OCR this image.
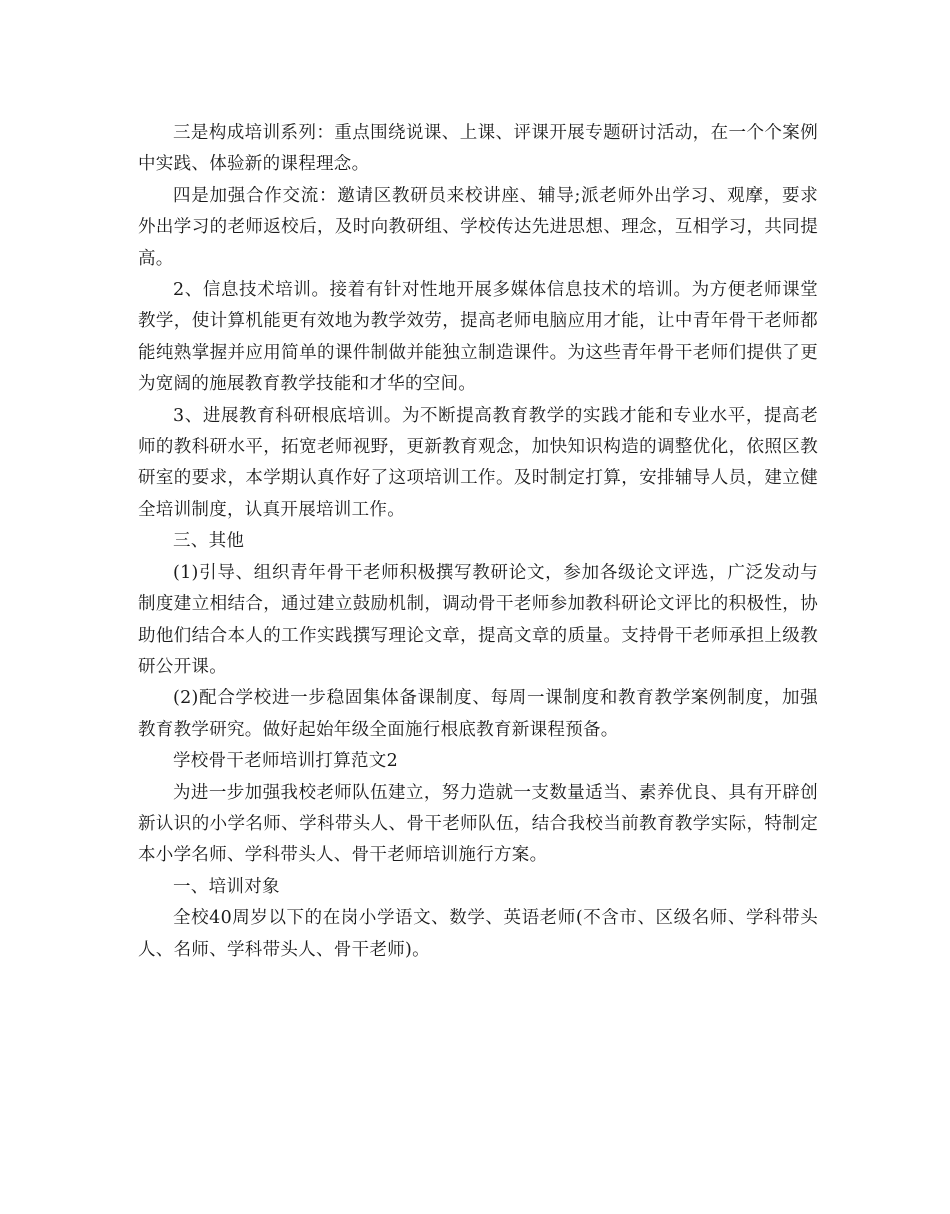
三是构成培训系列：重点围绕说课、上课、评课开展专题研讨活动，在一个个案例中实践、体验新的课程理念。

四是加强合作交流：邀请区教研员来校讲座、辅导;派老师外出学习、观摩，要求外出学习的老师返校后，及时向教研组、学校传达先进思想、理念，互相学习，共同提高。

2、信息技术培训。接着有针对性地开展多媒体信息技术的培训。为方便老师课堂教学，使计算机能更有效地为教学效劳，提高老师电脑应用才能，让中青年骨干老师都能纯熟掌握并应用简单的课件制做并能独立制造课件。为这些青年骨干老师们提供了更为宽阔的施展教育教学技能和才华的空间。

3、进展教育科研根底培训。为不断提高教育教学的实践才能和专业水平，提高老师的教科研水平，拓宽老师视野，更新教育观念，加快知识构造的调整优化，依照区教研室的要求，本学期认真作好了这项培训工作。及时制定打算，安排辅导人员，建立健全培训制度，认真开展培训工作。

三、其他

(1)引导、组织青年骨干老师积极撰写教研论文，参加各级论文评选，广泛发动与制度建立相结合，通过建立鼓励机制，调动骨干老师参加教科研论文评比的积极性，协助他们结合本人的工作实践撰写理论文章，提高文章的质量。支持骨干老师承担上级教研公开课。

(2)配合学校进一步稳固集体备课制度、每周一课制度和教育教学案例制度，加强教育教学研究。做好起始年级全面施行根底教育新课程预备。

学校骨干老师培训打算范文2

为进一步加强我校老师队伍建立，努力造就一支数量适当、素养优良、具有开辟创新认识的小学名师、学科带头人、骨干老师队伍，结合我校当前教育教学实际，特制定本小学名师、学科带头人、骨干老师培训施行方案。

一、培训对象

全校40周岁以下的在岗小学语文、数学、英语老师(不含市、区级名师、学科带头人、名师、学科带头人、骨干老师)。
